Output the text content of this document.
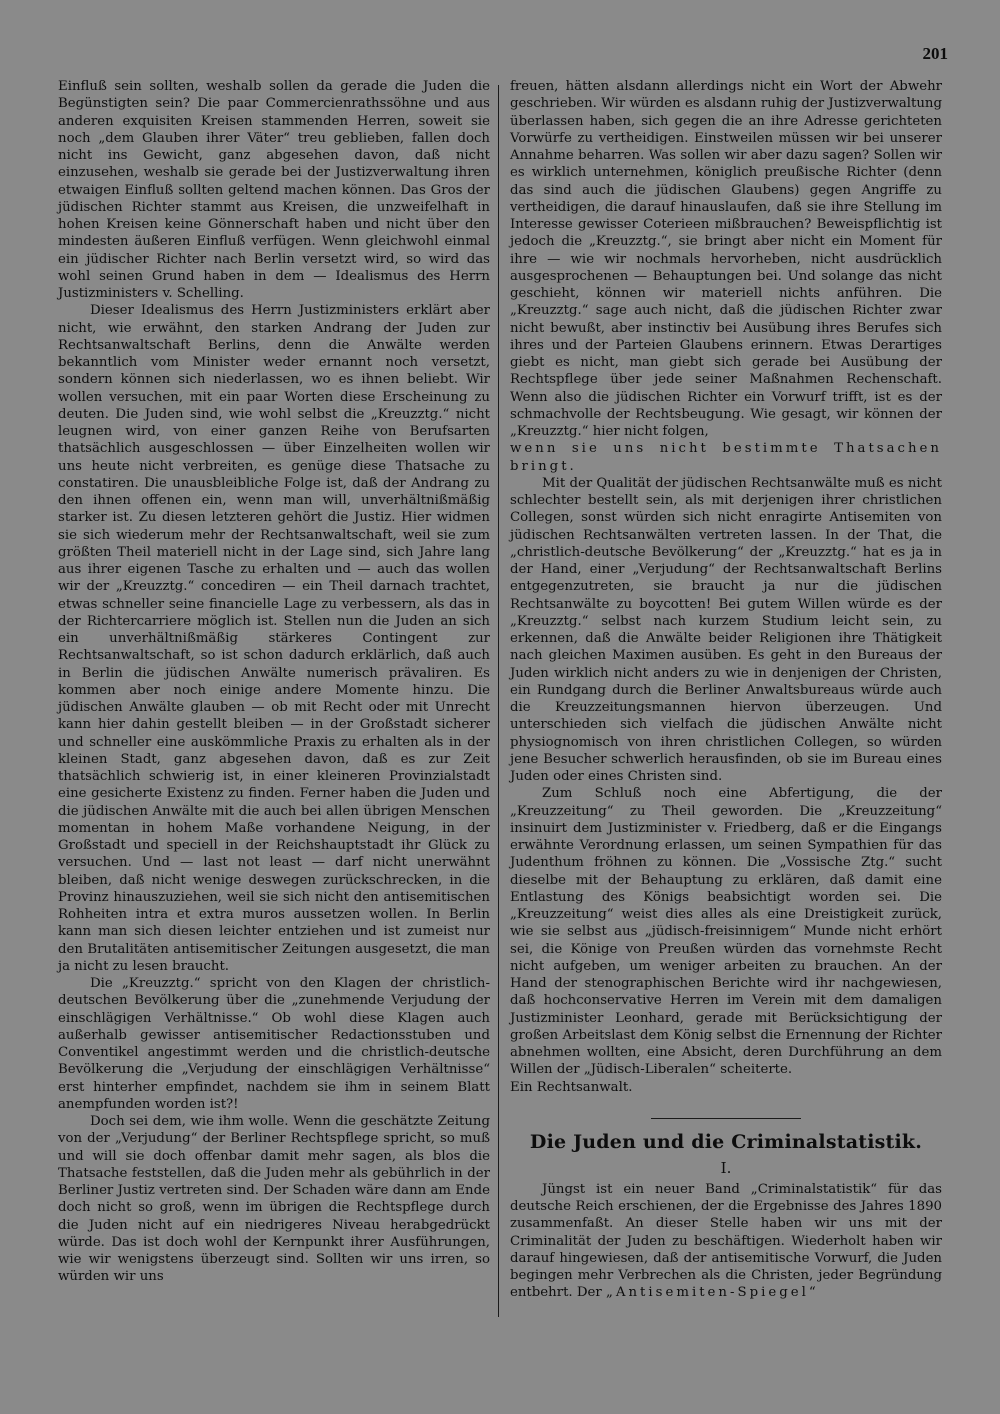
201

Einfluß sein sollten, weshalb sollen da gerade die Juden die Begünstigten sein? Die paar Commercienrathssöhne und aus anderen exquisiten Kreisen stammenden Herren, soweit sie noch „dem Glauben ihrer Väter“ treu geblieben, fallen doch nicht ins Gewicht, ganz abgesehen davon, daß nicht einzusehen, weshalb sie gerade bei der Justizverwaltung ihren etwaigen Einfluß sollten geltend machen können. Das Gros der jüdischen Richter stammt aus Kreisen, die unzweifelhaft in hohen Kreisen keine Gönnerschaft haben und nicht über den mindesten äußeren Einfluß verfügen. Wenn gleichwohl einmal ein jüdischer Richter nach Berlin versetzt wird, so wird das wohl seinen Grund haben in dem — Idealismus des Herrn Justizministers v. Schelling.

Dieser Idealismus des Herrn Justizministers erklärt aber nicht, wie erwähnt, den starken Andrang der Juden zur Rechtsanwaltschaft Berlins, denn die Anwälte werden bekanntlich vom Minister weder ernannt noch versetzt, sondern können sich niederlassen, wo es ihnen beliebt. Wir wollen versuchen, mit ein paar Worten diese Erscheinung zu deuten. Die Juden sind, wie wohl selbst die „Kreuzztg.“ nicht leugnen wird, von einer ganzen Reihe von Berufsarten thatsächlich ausgeschlossen — über Einzelheiten wollen wir uns heute nicht verbreiten, es genüge diese Thatsache zu constatiren. Die unausbleibliche Folge ist, daß der Andrang zu den ihnen offenen ein, wenn man will, unverhältnißmäßig starker ist. Zu diesen letzteren gehört die Justiz. Hier widmen sie sich wiederum mehr der Rechtsanwaltschaft, weil sie zum größten Theil materiell nicht in der Lage sind, sich Jahre lang aus ihrer eigenen Tasche zu erhalten und — auch das wollen wir der „Kreuzztg.“ concediren — ein Theil darnach trachtet, etwas schneller seine financielle Lage zu verbessern, als das in der Richtercarriere möglich ist. Stellen nun die Juden an sich ein unverhältnißmäßig stärkeres Contingent zur Rechtsanwaltschaft, so ist schon dadurch erklärlich, daß auch in Berlin die jüdischen Anwälte numerisch prävaliren. Es kommen aber noch einige andere Momente hinzu. Die jüdischen Anwälte glauben — ob mit Recht oder mit Unrecht kann hier dahin gestellt bleiben — in der Großstadt sicherer und schneller eine auskömmliche Praxis zu erhalten als in der kleinen Stadt, ganz abgesehen davon, daß es zur Zeit thatsächlich schwierig ist, in einer kleineren Provinzialstadt eine gesicherte Existenz zu finden. Ferner haben die Juden und die jüdischen Anwälte mit die auch bei allen übrigen Menschen momentan in hohem Maße vorhandene Neigung, in der Großstadt und speciell in der Reichshauptstadt ihr Glück zu versuchen. Und — last not least — darf nicht unerwähnt bleiben, daß nicht wenige deswegen zurückschrecken, in die Provinz hinauszuziehen, weil sie sich nicht den antisemitischen Rohheiten intra et extra muros aussetzen wollen. In Berlin kann man sich diesen leichter entziehen und ist zumeist nur den Brutalitäten antisemitischer Zeitungen ausgesetzt, die man ja nicht zu lesen braucht.

Die „Kreuzztg.“ spricht von den Klagen der christlich-deutschen Bevölkerung über die „zunehmende Verjudung der einschlägigen Verhältnisse.“ Ob wohl diese Klagen auch außerhalb gewisser antisemitischer Redactionsstuben und Conventikel angestimmt werden und die christlich-deutsche Bevölkerung die „Verjudung der einschlägigen Verhältnisse“ erst hinterher empfindet, nachdem sie ihm in seinem Blatt anempfunden worden ist?!

Doch sei dem, wie ihm wolle. Wenn die geschätzte Zeitung von der „Verjudung“ der Berliner Rechtspflege spricht, so muß und will sie doch offenbar damit mehr sagen, als blos die Thatsache feststellen, daß die Juden mehr als gebührlich in der Berliner Justiz vertreten sind. Der Schaden wäre dann am Ende doch nicht so groß, wenn im übrigen die Rechtspflege durch die Juden nicht auf ein niedrigeres Niveau herabgedrückt würde. Das ist doch wohl der Kernpunkt ihrer Ausführungen, wie wir wenigstens überzeugt sind. Sollten wir uns irren, so würden wir uns

freuen, hätten alsdann allerdings nicht ein Wort der Abwehr geschrieben. Wir würden es alsdann ruhig der Justizverwaltung überlassen haben, sich gegen die an ihre Adresse gerichteten Vorwürfe zu vertheidigen. Einstweilen müssen wir bei unserer Annahme beharren. Was sollen wir aber dazu sagen? Sollen wir es wirklich unternehmen, königlich preußische Richter (denn das sind auch die jüdischen Glaubens) gegen Angriffe zu vertheidigen, die darauf hinauslaufen, daß sie ihre Stellung im Interesse gewisser Coterieen mißbrauchen? Beweispflichtig ist jedoch die „Kreuzztg.“, sie bringt aber nicht ein Moment für ihre — wie wir nochmals hervorheben, nicht ausdrücklich ausgesprochenen — Behauptungen bei. Und solange das nicht geschieht, können wir materiell nichts anführen. Die „Kreuzztg.“ sage auch nicht, daß die jüdischen Richter zwar nicht bewußt, aber instinctiv bei Ausübung ihres Berufes sich ihres und der Parteien Glaubens erinnern. Etwas Derartiges giebt es nicht, man giebt sich gerade bei Ausübung der Rechtspflege über jede seiner Maßnahmen Rechenschaft. Wenn also die jüdischen Richter ein Vorwurf trifft, ist es der schmachvolle der Rechtsbeugung. Wie gesagt, wir können der „Kreuzztg.“ hier nicht folgen,

wenn sie uns nicht bestimmte Thatsachen bringt.

Mit der Qualität der jüdischen Rechtsanwälte muß es nicht schlechter bestellt sein, als mit derjenigen ihrer christlichen Collegen, sonst würden sich nicht enragirte Antisemiten von jüdischen Rechtsanwälten vertreten lassen. In der That, die „christlich-deutsche Bevölkerung“ der „Kreuzztg.“ hat es ja in der Hand, einer „Verjudung“ der Rechtsanwaltschaft Berlins entgegenzutreten, sie braucht ja nur die jüdischen Rechtsanwälte zu boycotten! Bei gutem Willen würde es der „Kreuzztg.“ selbst nach kurzem Studium leicht sein, zu erkennen, daß die Anwälte beider Religionen ihre Thätigkeit nach gleichen Maximen ausüben. Es geht in den Bureaus der Juden wirklich nicht anders zu wie in denjenigen der Christen, ein Rundgang durch die Berliner Anwaltsbureaus würde auch die Kreuzzeitungsmannen hiervon überzeugen. Und unterschieden sich vielfach die jüdischen Anwälte nicht physiognomisch von ihren christlichen Collegen, so würden jene Besucher schwerlich herausfinden, ob sie im Bureau eines Juden oder eines Christen sind.

Zum Schluß noch eine Abfertigung, die der „Kreuzzeitung“ zu Theil geworden. Die „Kreuzzeitung“ insinuirt dem Justizminister v. Friedberg, daß er die Eingangs erwähnte Verordnung erlassen, um seinen Sympathien für das Judenthum fröhnen zu können. Die „Vossische Ztg.“ sucht dieselbe mit der Behauptung zu erklären, daß damit eine Entlastung des Königs beabsichtigt worden sei. Die „Kreuzzeitung“ weist dies alles als eine Dreistigkeit zurück, wie sie selbst aus „jüdisch-freisinnigem“ Munde nicht erhört sei, die Könige von Preußen würden das vornehmste Recht nicht aufgeben, um weniger arbeiten zu brauchen. An der Hand der stenographischen Berichte wird ihr nachgewiesen, daß hochconservative Herren im Verein mit dem damaligen Justizminister Leonhard, gerade mit Berücksichtigung der großen Arbeitslast dem König selbst die Ernennung der Richter abnehmen wollten, eine Absicht, deren Durchführung an dem Willen der „Jüdisch-Liberalen“ scheiterte.

Ein Rechtsanwalt.

Die Juden und die Criminalstatistik.
I.

Jüngst ist ein neuer Band „Criminalstatistik“ für das deutsche Reich erschienen, der die Ergebnisse des Jahres 1890 zusammenfaßt. An dieser Stelle haben wir uns mit der Criminalität der Juden zu beschäftigen. Wiederholt haben wir darauf hingewiesen, daß der antisemitische Vorwurf, die Juden begingen mehr Verbrechen als die Christen, jeder Begründung entbehrt. Der „Antisemiten-Spiegel“
